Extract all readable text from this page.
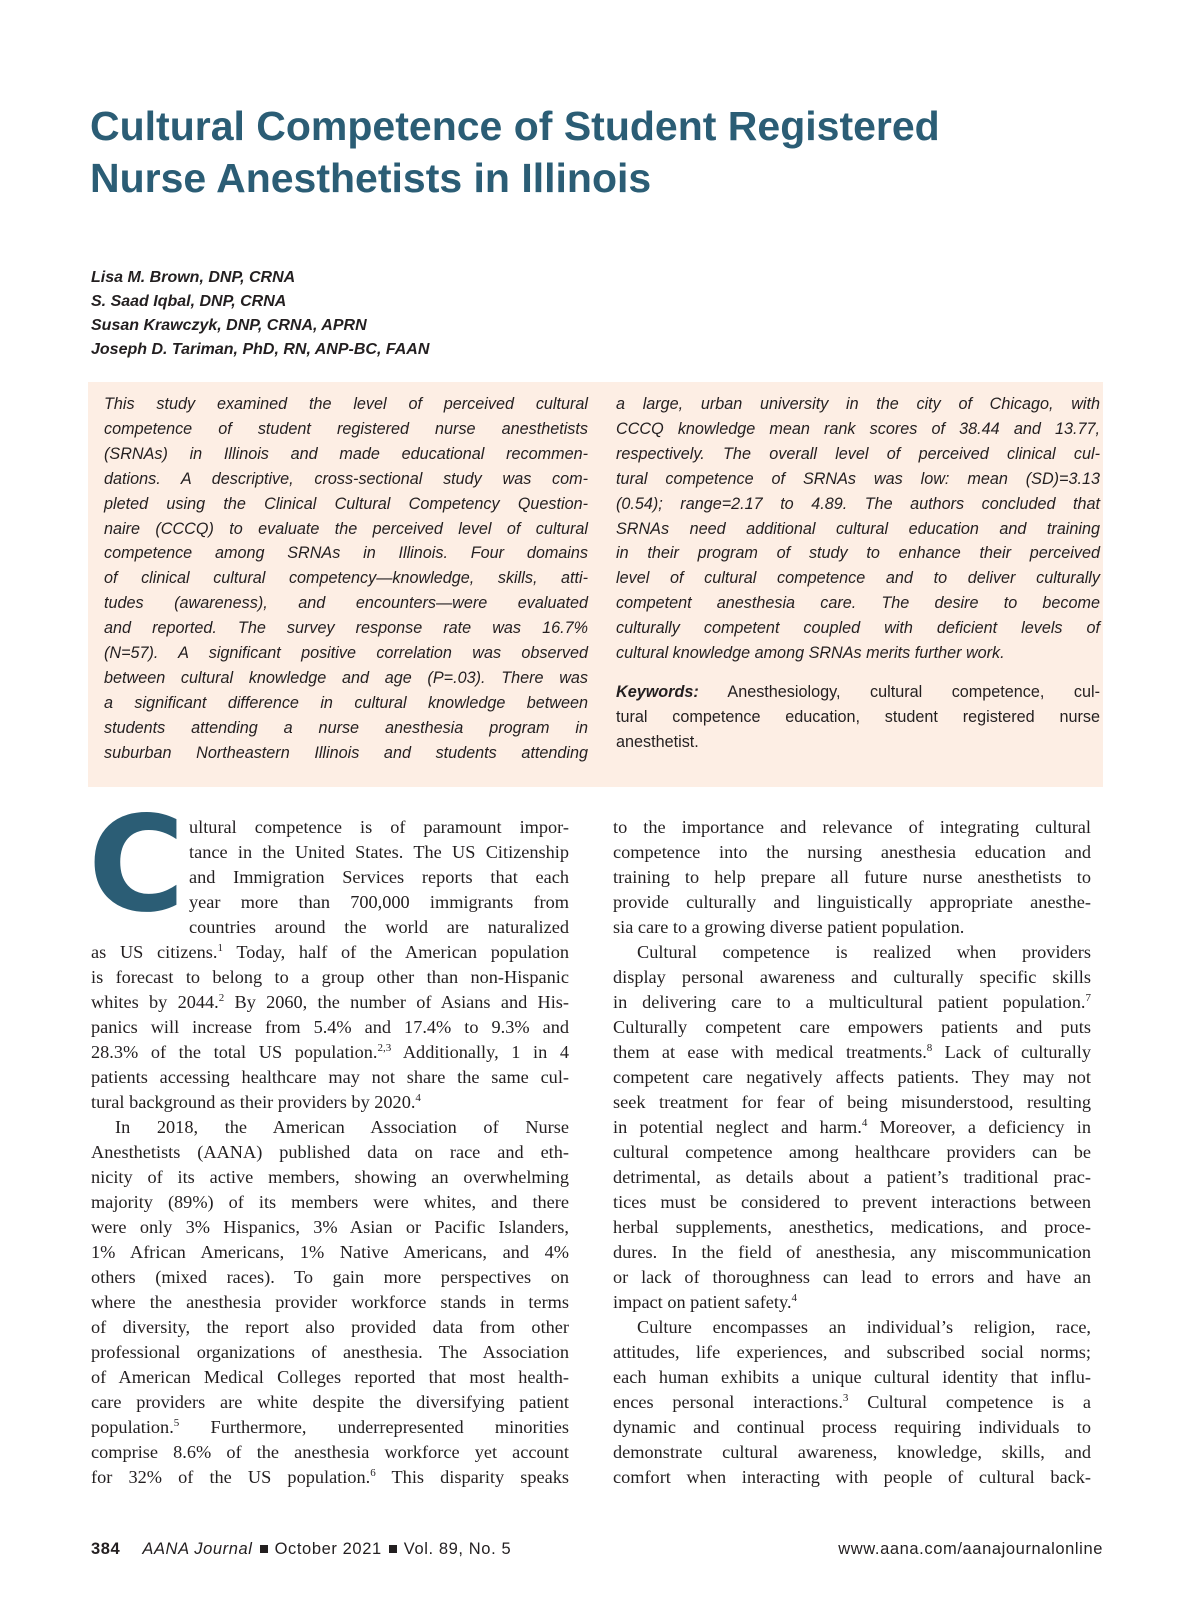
Cultural Competence of Student Registered
Nurse Anesthetists in Illinois
Lisa M. Brown, DNP, CRNA
S. Saad Iqbal, DNP, CRNA
Susan Krawczyk, DNP, CRNA, APRN
Joseph D. Tariman, PhD, RN, ANP-BC, FAAN
This study examined the level of perceived cultural
competence of student registered nurse anesthetists
(SRNAs) in Illinois and made educational recommen-
dations. A descriptive, cross-sectional study was com-
pleted using the Clinical Cultural Competency Question-
naire (CCCQ) to evaluate the perceived level of cultural
competence among SRNAs in Illinois. Four domains
of clinical cultural competency—knowledge, skills, atti-
tudes (awareness), and encounters—were evaluated
and reported. The survey response rate was 16.7%
(N=57). A significant positive correlation was observed
between cultural knowledge and age (P=.03). There was
a significant difference in cultural knowledge between
students attending a nurse anesthesia program in
suburban Northeastern Illinois and students attending
a large, urban university in the city of Chicago, with
CCCQ knowledge mean rank scores of 38.44 and 13.77,
respectively. The overall level of perceived clinical cul-
tural competence of SRNAs was low: mean (SD)=3.13
(0.54); range=2.17 to 4.89. The authors concluded that
SRNAs need additional cultural education and training
in their program of study to enhance their perceived
level of cultural competence and to deliver culturally
competent anesthesia care. The desire to become
culturally competent coupled with deficient levels of
cultural knowledge among SRNAs merits further work.
Keywords: Anesthesiology, cultural competence, cul-
tural competence education, student registered nurse
anesthetist.
C ultural competence is of paramount impor-
tance in the United States. The US Citizenship
and Immigration Services reports that each
year more than 700,000 immigrants from
countries around the world are naturalized
as US citizens.$^1$ Today, half of the American population
is forecast to belong to a group other than non-Hispanic
whites by 2044.$^2$ By 2060, the number of Asians and His-
panics will increase from 5.4% and 17.4% to 9.3% and
28.3% of the total US population.$^{2,3}$ Additionally, 1 in 4
patients accessing healthcare may not share the same cul-
tural background as their providers by 2020.$^4$
In 2018, the American Association of Nurse
Anesthetists (AANA) published data on race and eth-
nicity of its active members, showing an overwhelming
majority (89%) of its members were whites, and there
were only 3% Hispanics, 3% Asian or Pacific Islanders,
1% African Americans, 1% Native Americans, and 4%
others (mixed races). To gain more perspectives on
where the anesthesia provider workforce stands in terms
of diversity, the report also provided data from other
professional organizations of anesthesia. The Association
of American Medical Colleges reported that most health-
care providers are white despite the diversifying patient
population.$^5$ Furthermore, underrepresented minorities
comprise 8.6% of the anesthesia workforce yet account
for 32% of the US population.$^6$ This disparity speaks
to the importance and relevance of integrating cultural
competence into the nursing anesthesia education and
training to help prepare all future nurse anesthetists to
provide culturally and linguistically appropriate anesthe-
sia care to a growing diverse patient population.
Cultural competence is realized when providers
display personal awareness and culturally specific skills
in delivering care to a multicultural patient population.$^7$
Culturally competent care empowers patients and puts
them at ease with medical treatments.$^8$ Lack of culturally
competent care negatively affects patients. They may not
seek treatment for fear of being misunderstood, resulting
in potential neglect and harm.$^4$ Moreover, a deficiency in
cultural competence among healthcare providers can be
detrimental, as details about a patient’s traditional prac-
tices must be considered to prevent interactions between
herbal supplements, anesthetics, medications, and proce-
dures. In the field of anesthesia, any miscommunication
or lack of thoroughness can lead to errors and have an
impact on patient safety.$^4$
Culture encompasses an individual’s religion, race,
attitudes, life experiences, and subscribed social norms;
each human exhibits a unique cultural identity that influ-
ences personal interactions.$^3$ Cultural competence is a
dynamic and continual process requiring individuals to
demonstrate cultural awareness, knowledge, skills, and
comfort when interacting with people of cultural back-
384 AANA Journal October 2021 Vol. 89, No. 5	www.aana.com/aanajournalonline
